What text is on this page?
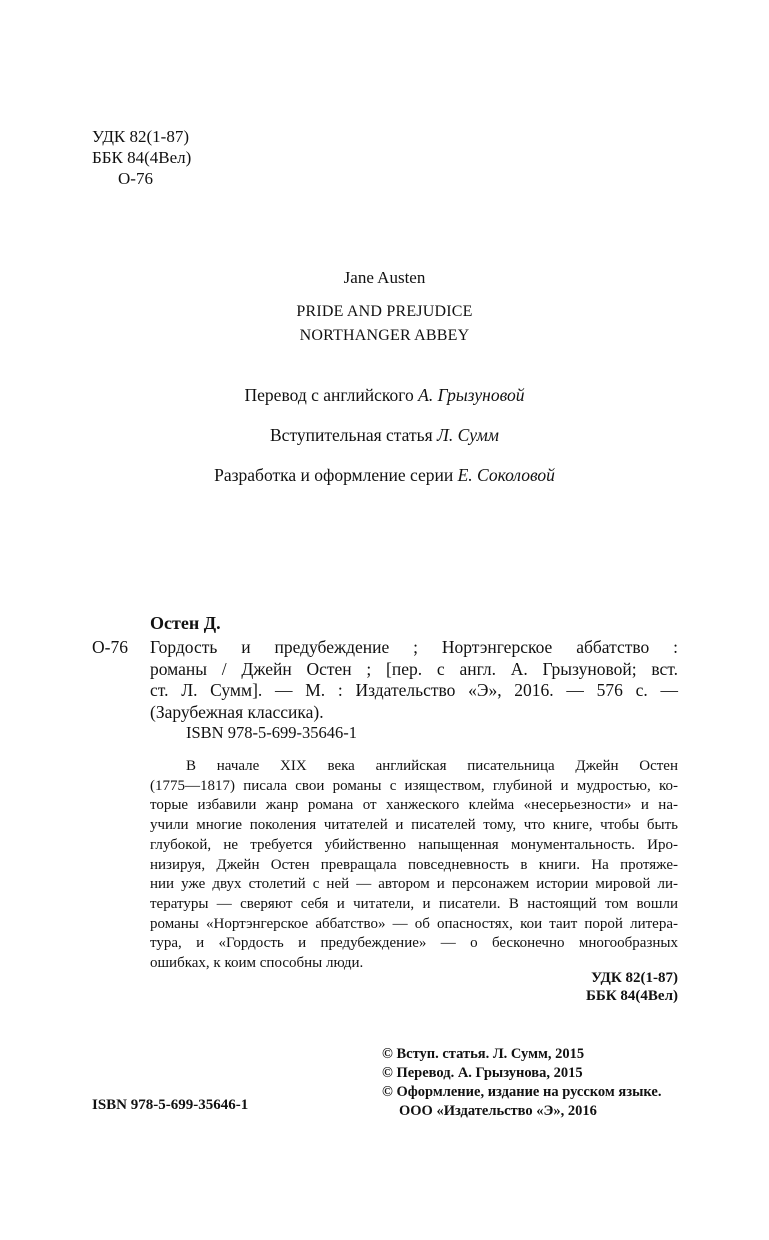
УДК 82(1-87)
ББК 84(4Вел)
О-76
Jane Austen
PRIDE AND PREJUDICE
NORTHANGER ABBEY
Перевод с английского А. Грызуновой
Вступительная статья Л. Сумм
Разработка и оформление серии Е. Соколовой
Остен Д.
О-76 Гордость и предубеждение ; Нортэнгерское аббатство :
романы / Джейн Остен ; [пер. с англ. А. Грызуновой; вст.
ст. Л. Сумм]. — М. : Издательство «Э», 2016. — 576 с. —
(Зарубежная классика).
ISBN 978-5-699-35646-1
В начале XIX века английская писательница Джейн Остен
(1775—1817) писала свои романы с изяществом, глубиной и мудростью, ко-
торые избавили жанр романа от ханжеского клейма «несерьезности» и на-
учили многие поколения читателей и писателей тому, что книге, чтобы быть
глубокой, не требуется убийственно напыщенная монументальность. Иро-
низируя, Джейн Остен превращала повседневность в книги. На протяже-
нии уже двух столетий с ней — автором и персонажем истории мировой ли-
тературы — сверяют себя и читатели, и писатели. В настоящий том вошли
романы «Нортэнгерское аббатство» — об опасностях, кои таит порой литера-
тура, и «Гордость и предубеждение» — о бесконечно многообразных
ошибках, к коим способны люди.
УДК 82(1-87)
ББК 84(4Вел)
© Вступ. статья. Л. Сумм, 2015
© Перевод. А. Грызунова, 2015
© Оформление, издание на русском языке.
ООО «Издательство «Э», 2016
ISBN 978-5-699-35646-1
